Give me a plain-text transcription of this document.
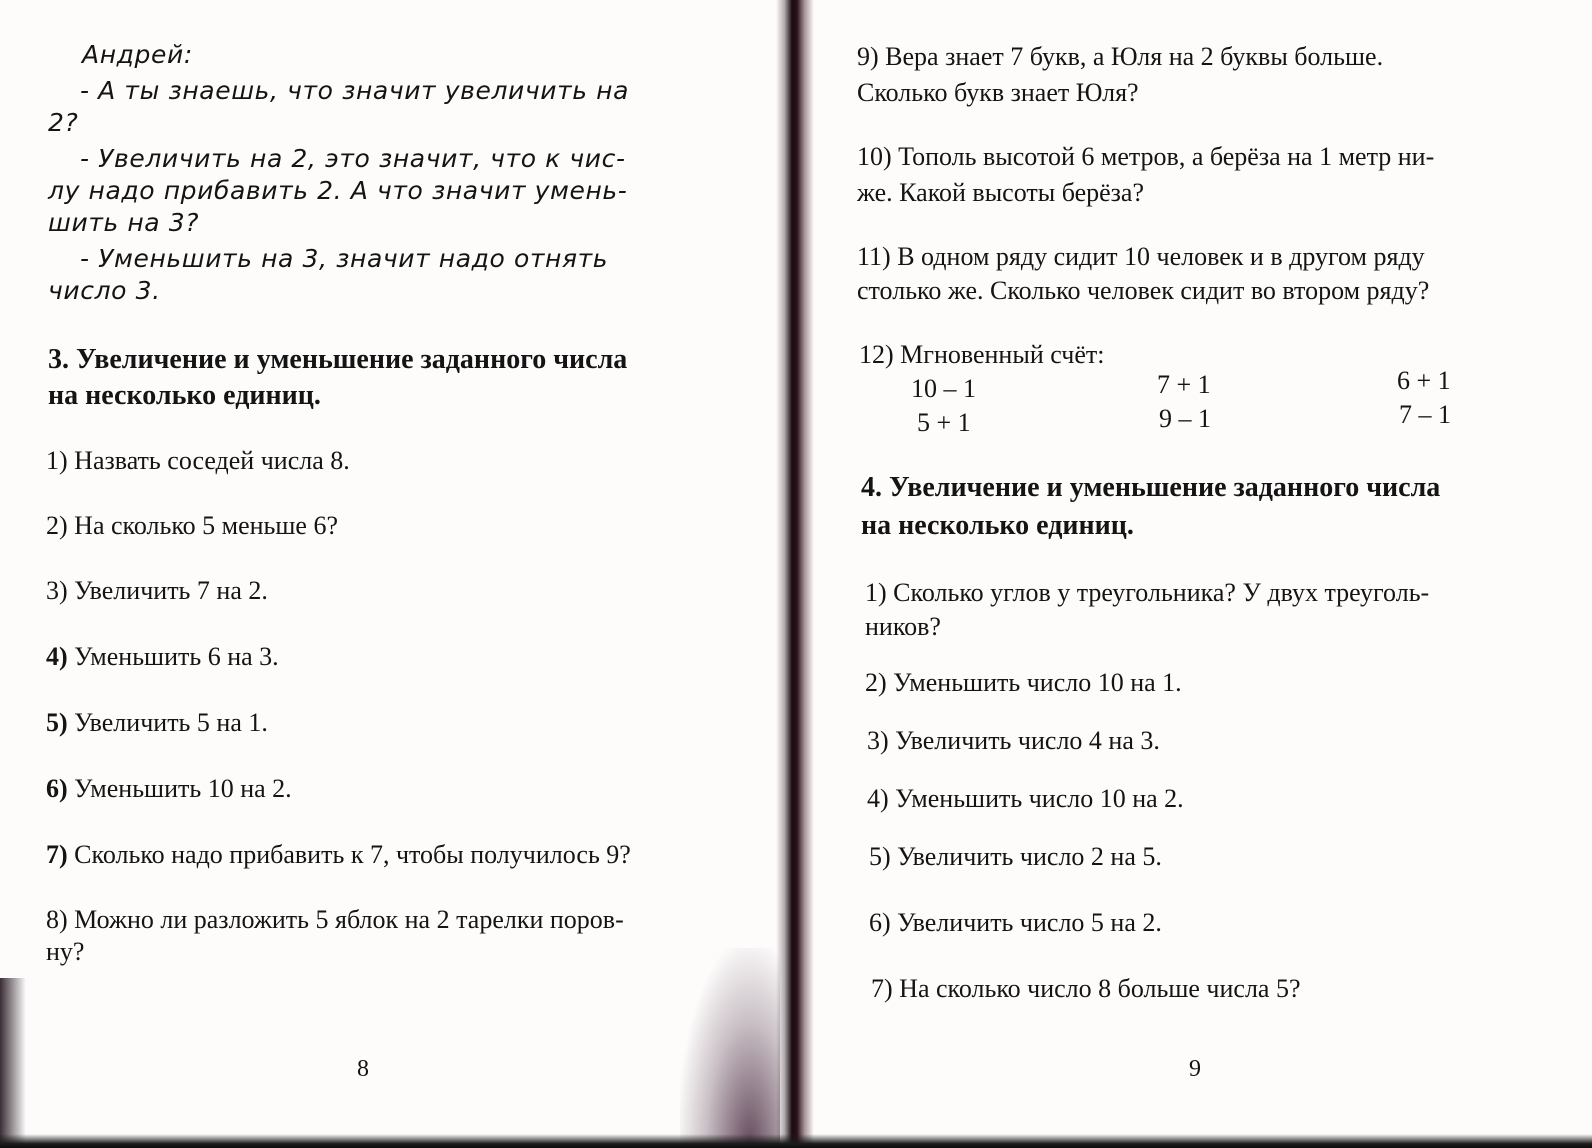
Андрей:

- А ты знаешь, что значит увеличить на

2?

- Увеличить на 2, это значит, что к чис-

лу надо прибавить 2. А что значит умень-

шить на 3?

- Уменьшить на 3, значит надо отнять

число 3.

3. Увеличение и уменьшение заданного числа

на несколько единиц.

1) Назвать соседей числа 8.

2) На сколько 5 меньше 6?

3) Увеличить 7 на 2.

4) Уменьшить 6 на 3.

5) Увеличить 5 на 1.

6) Уменьшить 10 на 2.

7) Сколько надо прибавить к 7, чтобы получилось 9?

8) Можно ли разложить 5 яблок на 2 тарелки поров-

ну?

8

9) Вера знает 7 букв, а Юля на 2 буквы больше.

Сколько букв знает Юля?

10) Тополь высотой 6 метров, а берёза на 1 метр ни-

же. Какой высоты берёза?

11) В одном ряду сидит 10 человек и в другом ряду

столько же. Сколько человек сидит во втором ряду?

12) Мгновенный счёт:

10 – 1

5 + 1

7 + 1

9 – 1

6 + 1

7 – 1

4. Увеличение и уменьшение заданного числа

на несколько единиц.

1) Сколько углов у треугольника? У двух треуголь-

ников?

2) Уменьшить число 10 на 1.

3) Увеличить число 4 на 3.

4) Уменьшить число 10 на 2.

5) Увеличить число 2 на 5.

6) Увеличить число 5 на 2.

7) На сколько число 8 больше числа 5?

9
